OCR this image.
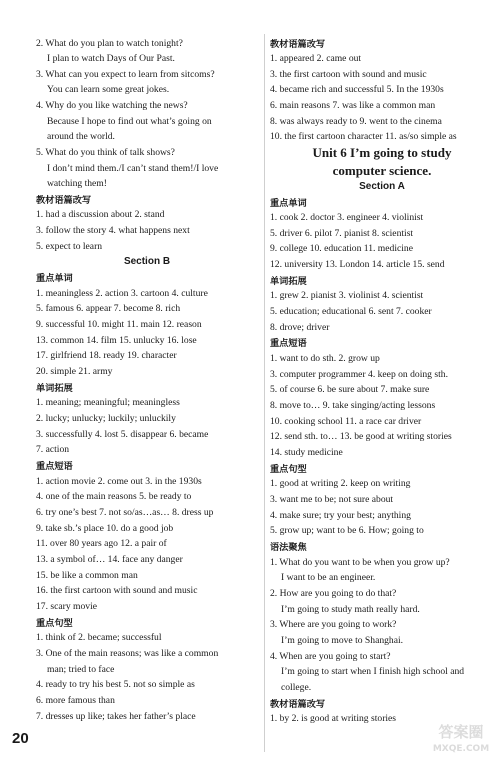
2. What do you plan to watch tonight?
I plan to watch Days of Our Past.
3. What can you expect to learn from sitcoms?
You can learn some great jokes.
4. Why do you like watching the news?
Because I hope to find out what’s going on
around the world.
5. What do you think of talk shows?
I don’t mind them./I can’t stand them!/I love
watching them!
教材语篇改写
1. had a discussion about 2. stand
3. follow the story 4. what happens next
5. expect to learn
Section B
重点单词
1. meaningless 2. action 3. cartoon 4. culture
5. famous 6. appear 7. become 8. rich
9. successful 10. might 11. main 12. reason
13. common 14. film 15. unlucky 16. lose
17. girlfriend 18. ready 19. character
20. simple 21. army
单词拓展
1. meaning; meaningful; meaningless
2. lucky; unlucky; luckily; unluckily
3. successfully 4. lost 5. disappear 6. became
7. action
重点短语
1. action movie 2. come out 3. in the 1930s
4. one of the main reasons 5. be ready to
6. try one’s best 7. not so/as…as… 8. dress up
9. take sb.’s place 10. do a good job
11. over 80 years ago 12. a pair of
13. a symbol of… 14. face any danger
15. be like a common man
16. the first cartoon with sound and music
17. scary movie
重点句型
1. think of 2. became; successful
3. One of the main reasons; was like a common
man; tried to face
4. ready to try his best 5. not so simple as
6. more famous than
7. dresses up like; takes her father’s place
教材语篇改写
1. appeared 2. came out
3. the first cartoon with sound and music
4. became rich and successful 5. In the 1930s
6. main reasons 7. was like a common man
8. was always ready to 9. went to the cinema
10. the first cartoon character 11. as/so simple as
Unit 6 I’m going to study
computer science.
Section A
重点单词
1. cook 2. doctor 3. engineer 4. violinist
5. driver 6. pilot 7. pianist 8. scientist
9. college 10. education 11. medicine
12. university 13. London 14. article 15. send
单词拓展
1. grew 2. pianist 3. violinist 4. scientist
5. education; educational 6. sent 7. cooker
8. drove; driver
重点短语
1. want to do sth. 2. grow up
3. computer programmer 4. keep on doing sth.
5. of course 6. be sure about 7. make sure
8. move to… 9. take singing/acting lessons
10. cooking school 11. a race car driver
12. send sth. to… 13. be good at writing stories
14. study medicine
重点句型
1. good at writing 2. keep on writing
3. want me to be; not sure about
4. make sure; try your best; anything
5. grow up; want to be 6. How; going to
语法聚焦
1. What do you want to be when you grow up?
I want to be an engineer.
2. How are you going to do that?
I’m going to study math really hard.
3. Where are you going to work?
I’m going to move to Shanghai.
4. When are you going to start?
I’m going to start when I finish high school and
college.
教材语篇改写
1. by 2. is good at writing stories
20	答案圈
MXQE.COM
